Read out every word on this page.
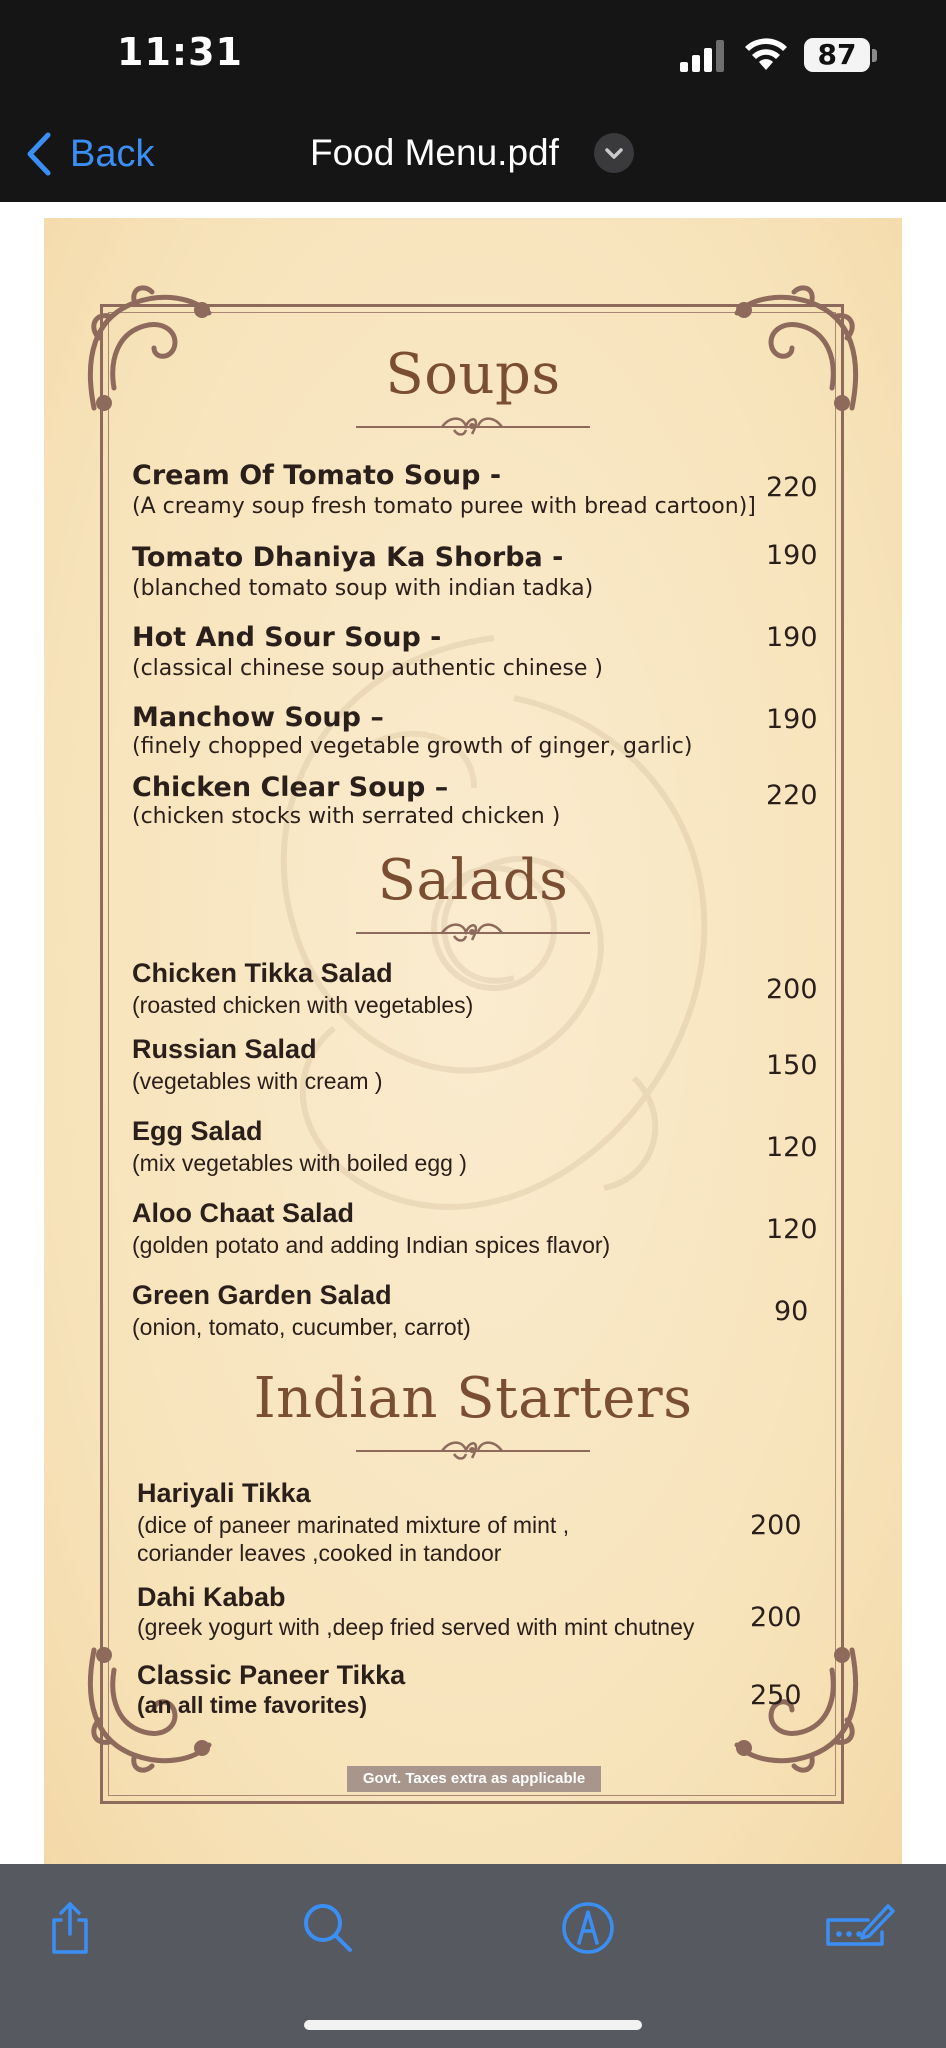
11:31	87
Back	Food Menu.pdf
Soups
Cream Of Tomato Soup -
(A creamy soup fresh tomato puree with bread cartoon)]
220
Tomato Dhaniya Ka Shorba -
(blanched tomato soup with indian tadka)
190
Hot And Sour Soup -
(classical chinese soup authentic chinese )
190
Manchow Soup –
(finely chopped vegetable growth of ginger, garlic)
190
Chicken Clear Soup –
(chicken stocks with serrated chicken )
220
Salads
Chicken Tikka Salad
(roasted chicken with vegetables)	200
Russian Salad
(vegetables with cream )	150
Egg Salad
(mix vegetables with boiled egg )	120
Aloo Chaat Salad
(golden potato and adding Indian spices flavor)	120
Green Garden Salad
(onion, tomato, cucumber, carrot)	90
Indian Starters
Hariyali Tikka
(dice of paneer marinated mixture of mint ,
coriander leaves ,cooked in tandoor
200
Dahi Kabab
(greek yogurt with ,deep fried served with mint chutney 200
Classic Paneer Tikka
(an all time favorites)	250
Govt. Taxes extra as applicable
